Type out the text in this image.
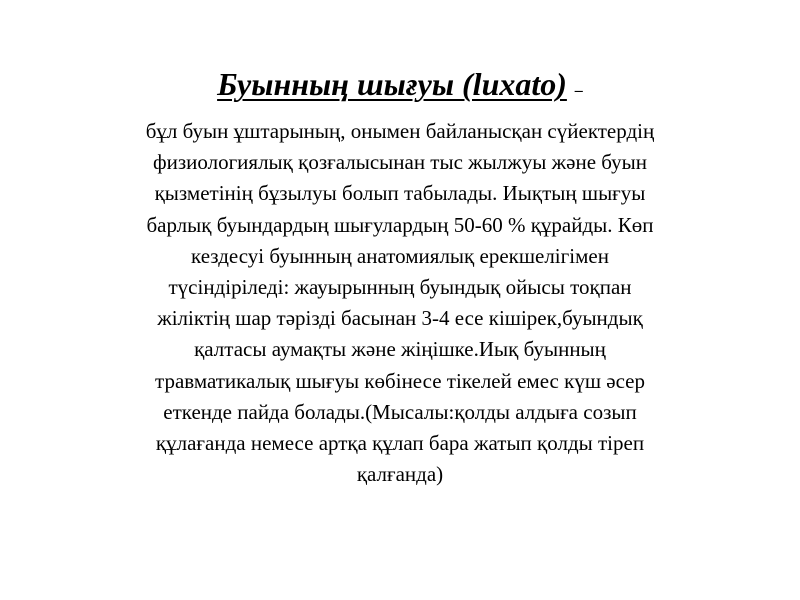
Буынның шығуы (luxato) –

бұл буын ұштарының, онымен байланысқан сүйектердің
физиологиялық қозғалысынан тыс жылжуы және буын
қызметінің бұзылуы болып табылады. Иықтың шығуы
барлық буындардың шығулардың 50-60 % құрайды. Көп
кездесуі буынның анатомиялық ерекшелігімен
түсіндіріледі: жауырынның буындық ойысы тоқпан
жіліктің шар тәрізді басынан 3-4 есе кішірек,буындық
қалтасы аумақты және жіңішке.Иық буынның
травматикалық шығуы көбінесе тікелей емес күш әсер
еткенде пайда болады.(Мысалы:қолды алдыға созып
құлағанда немесе артқа құлап бара жатып қолды тіреп
қалғанда)
